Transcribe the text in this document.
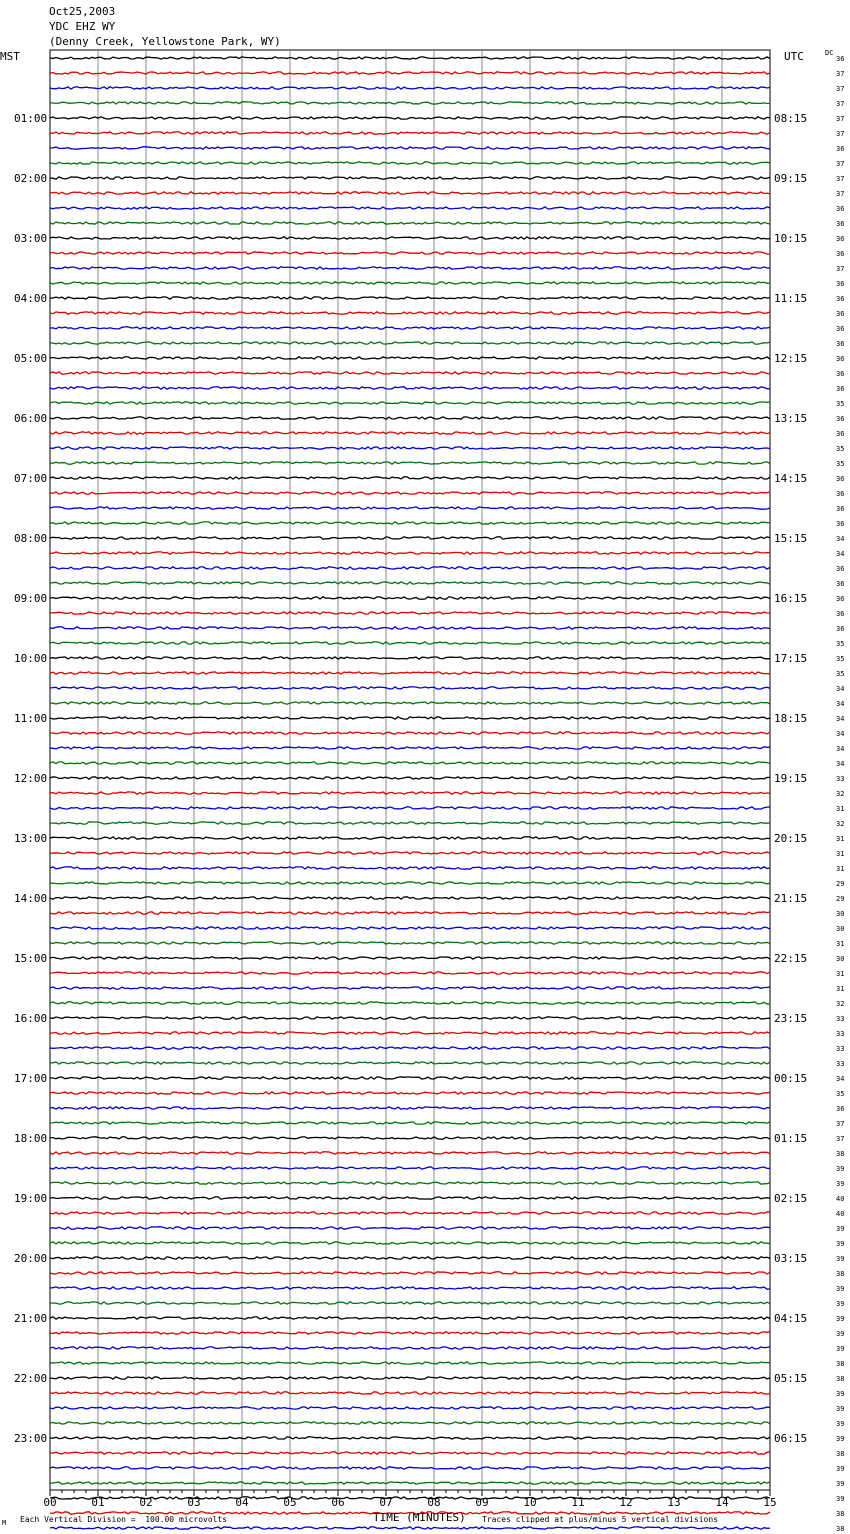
Oct25,2003
YDC EHZ WY
(Denny Creek, Yellowstone Park, WY)
MST	UTC	DC
36
37
37
37
37
37
36
37
37
37
36
36
36
36
37
36
36
36
36
36
36
36
36
35
36
36
35
35
36
36
36
36
34
34
36
36
36
36
36
35
35
35
34
34
34
34
34
34
33
32
31
32
31
31
31
29
29
30
30
31
30
31
31
32
33
33
33
33
34
35
36
37
37
38
39
39
40
40
39
39
39
38
39
39
39
39
39
38
38
39
39
39
39
38
39
39
39
38
38
01:00
02:00
03:00
04:00
05:00
06:00
07:00
08:00
09:00
10:00
11:00
12:00
13:00
14:00
15:00
16:00
17:00
18:00
19:00
20:00
21:00
22:00
23:00
08:15
09:15
10:15
11:15
12:15
13:15
14:15
15:15
16:15
17:15
18:15
19:15
20:15
21:15
22:15
23:15
00:15
01:15
02:15
03:15
04:15
05:15
06:15
00	01	02	03	04	05	06	07	08	09	10	11	12	13	14	15
M Each Vertical Division =  100.00 microvolts	TIME (MINUTES) Traces clipped at plus/minus 5 vertical divisions
